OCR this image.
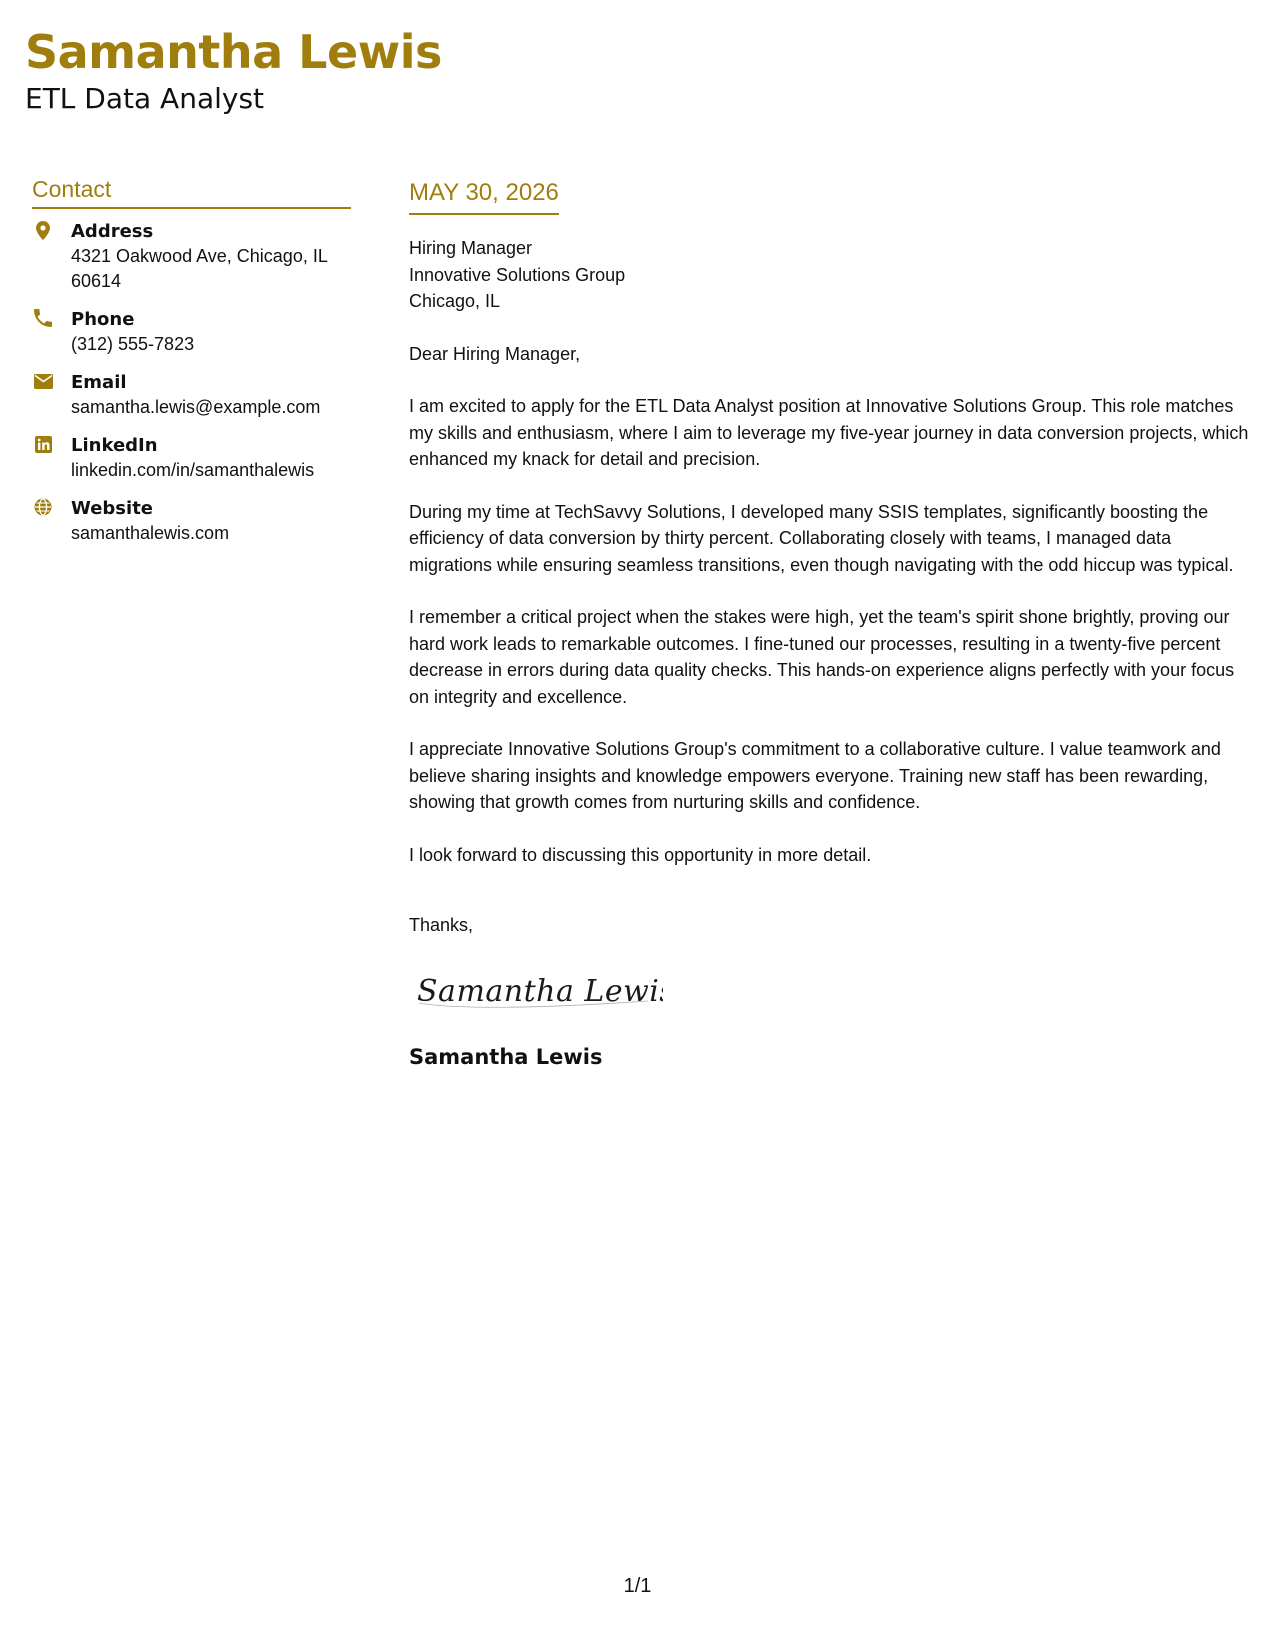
Samantha Lewis
ETL Data Analyst
Contact
Address
4321 Oakwood Ave, Chicago, IL 60614
Phone
(312) 555-7823
Email
samantha.lewis@example.com
LinkedIn
linkedin.com/in/samanthalewis
Website
samanthalewis.com
MAY 30, 2026
Hiring Manager
Innovative Solutions Group
Chicago, IL

Dear Hiring Manager,

I am excited to apply for the ETL Data Analyst position at Innovative Solutions Group. This role matches my skills and enthusiasm, where I aim to leverage my five-year journey in data conversion projects, which enhanced my knack for detail and precision.

During my time at TechSavvy Solutions, I developed many SSIS templates, significantly boosting the efficiency of data conversion by thirty percent. Collaborating closely with teams, I managed data migrations while ensuring seamless transitions, even though navigating with the odd hiccup was typical.

I remember a critical project when the stakes were high, yet the team's spirit shone brightly, proving our hard work leads to remarkable outcomes. I fine-tuned our processes, resulting in a twenty-five percent decrease in errors during data quality checks. This hands-on experience aligns perfectly with your focus on integrity and excellence.

I appreciate Innovative Solutions Group's commitment to a collaborative culture. I value teamwork and believe sharing insights and knowledge empowers everyone. Training new staff has been rewarding, showing that growth comes from nurturing skills and confidence.

I look forward to discussing this opportunity in more detail.

Thanks,
Samantha Lewis
Samantha Lewis
1/1
